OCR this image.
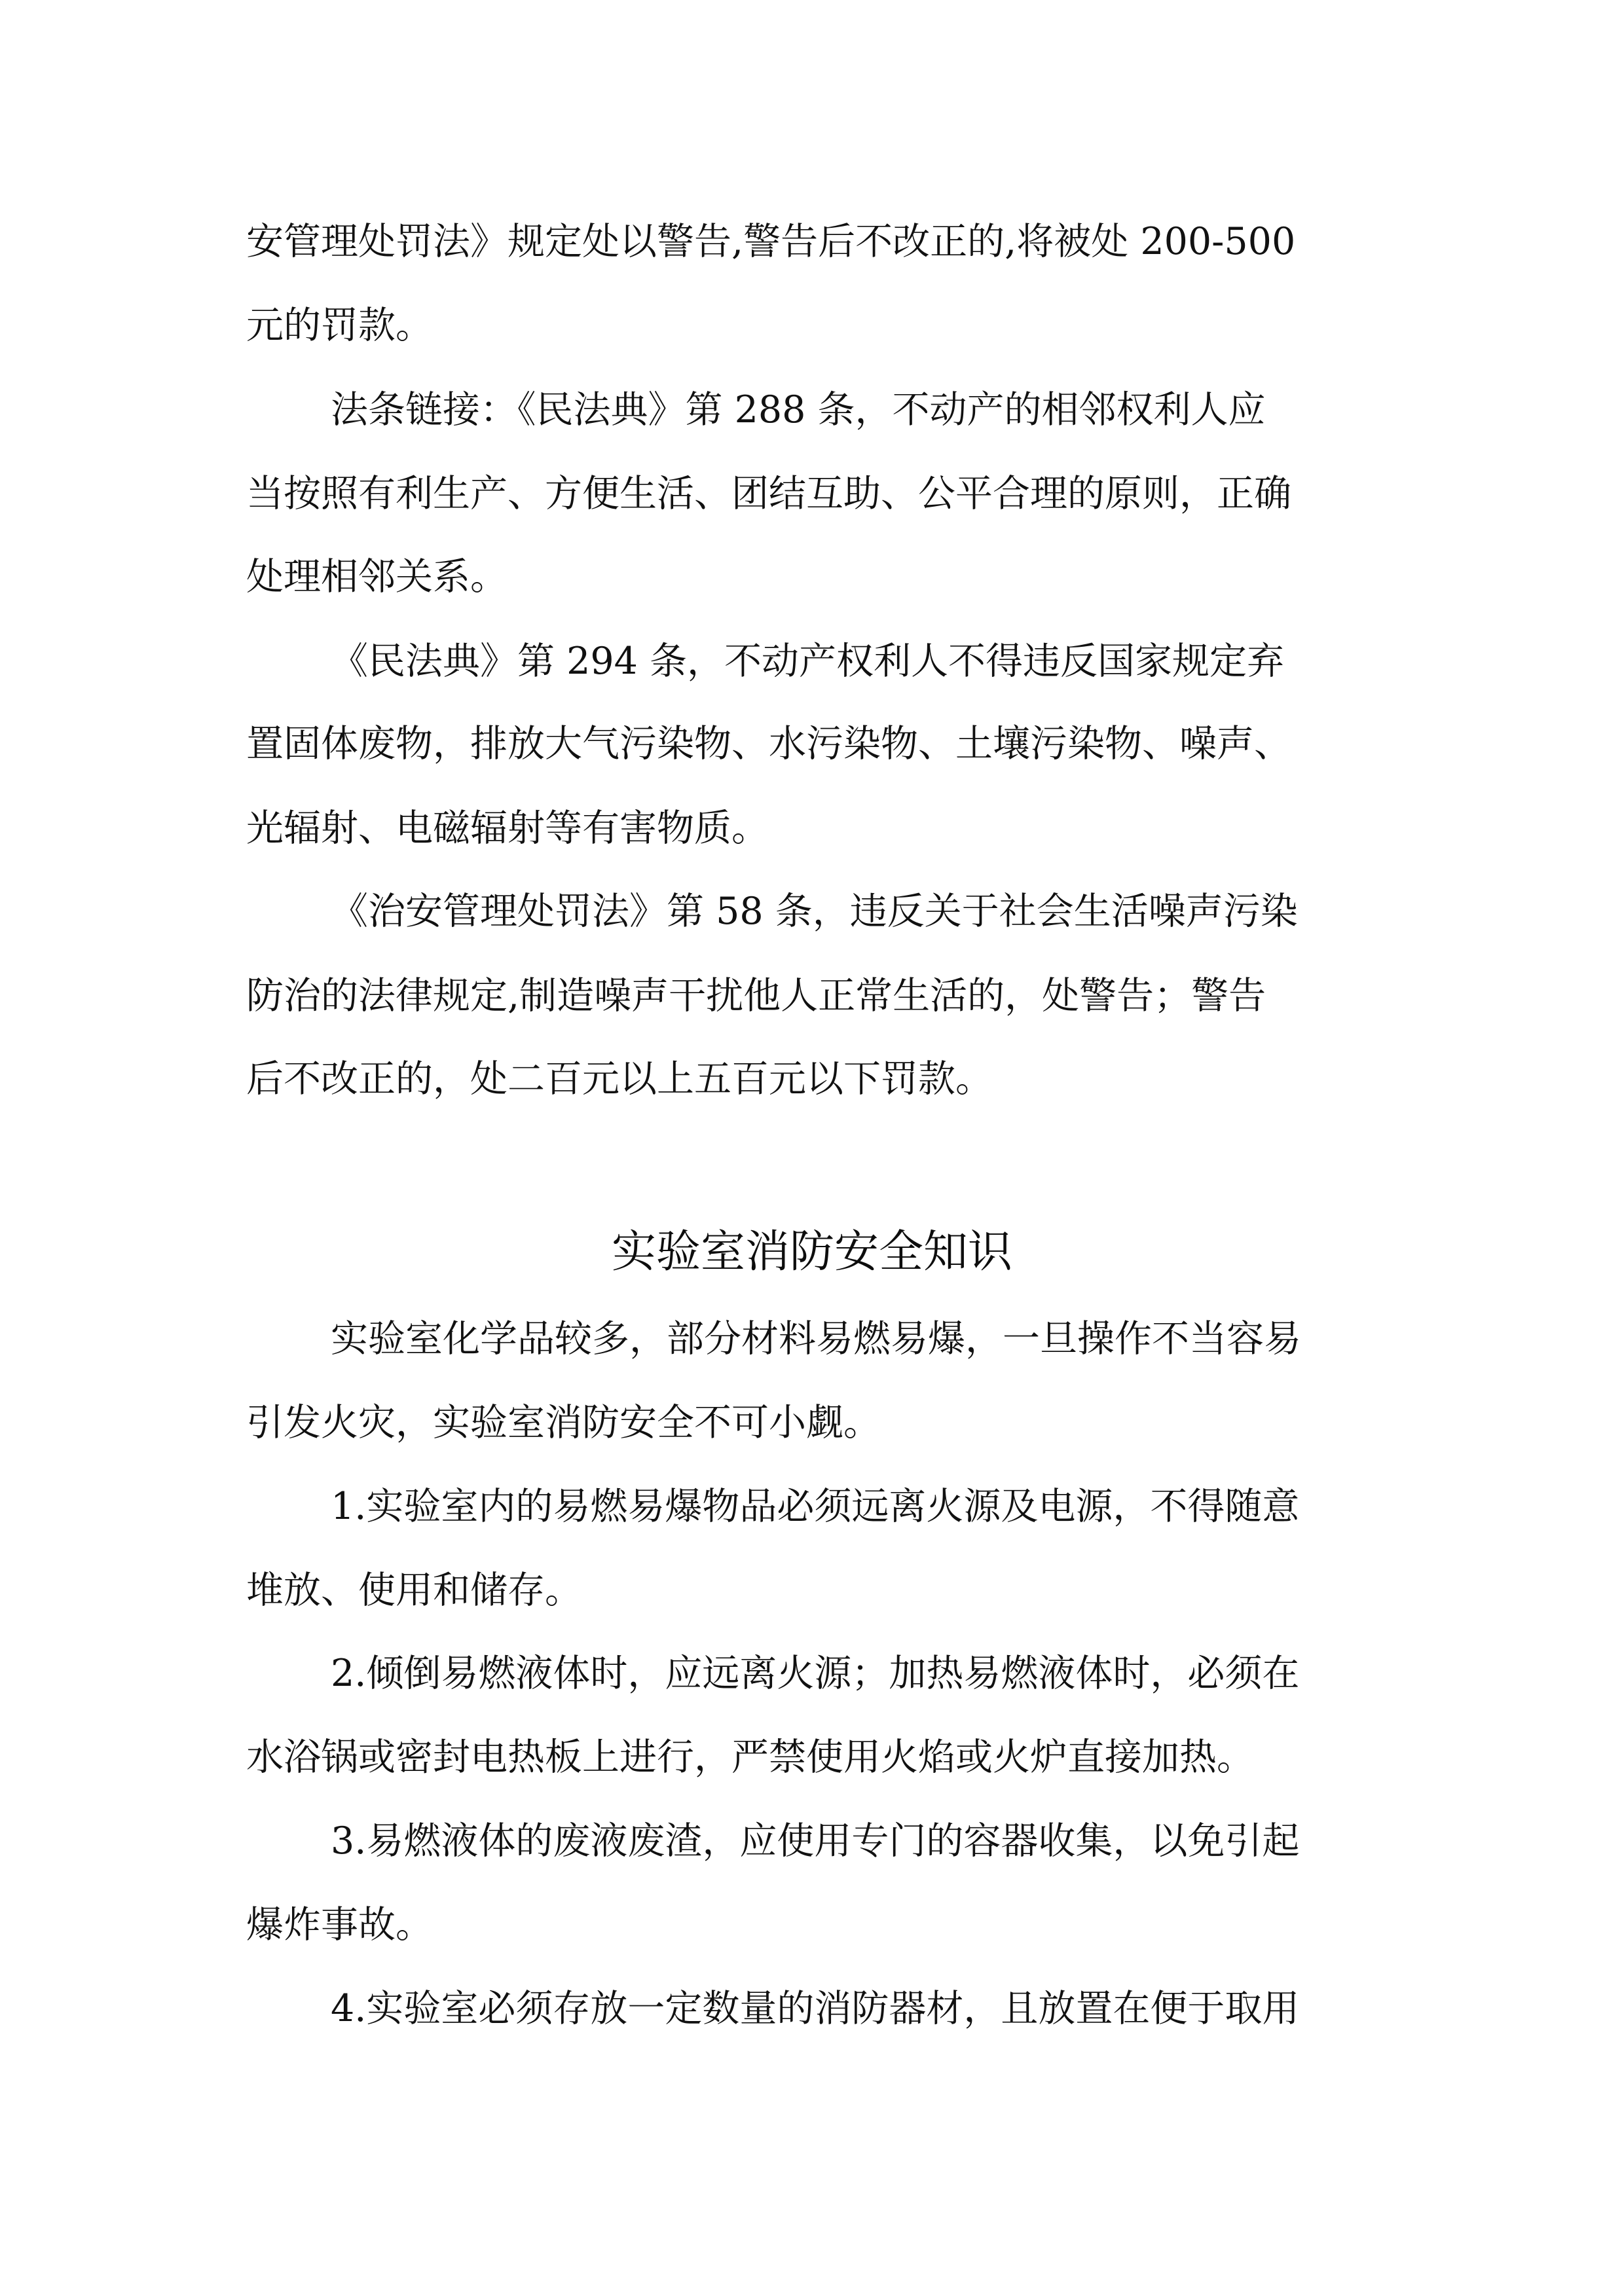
安管理处罚法》规定处以警告,警告后不改正的,将被处 200-500
元的罚款。
法条链接：《民法典》第 288 条，不动产的相邻权利人应
当按照有利生产、方便生活、团结互助、公平合理的原则，正确
处理相邻关系。
《民法典》第 294 条，不动产权利人不得违反国家规定弃
置固体废物，排放大气污染物、水污染物、土壤污染物、噪声、
光辐射、电磁辐射等有害物质。
《治安管理处罚法》第 58 条，违反关于社会生活噪声污染
防治的法律规定,制造噪声干扰他人正常生活的，处警告；警告
后不改正的，处二百元以上五百元以下罚款。
实验室消防安全知识
实验室化学品较多，部分材料易燃易爆，一旦操作不当容易
引发火灾，实验室消防安全不可小觑。
1.实验室内的易燃易爆物品必须远离火源及电源，不得随意
堆放、使用和储存。
2.倾倒易燃液体时，应远离火源；加热易燃液体时，必须在
水浴锅或密封电热板上进行，严禁使用火焰或火炉直接加热。
3.易燃液体的废液废渣，应使用专门的容器收集，以免引起
爆炸事故。
4.实验室必须存放一定数量的消防器材，且放置在便于取用
